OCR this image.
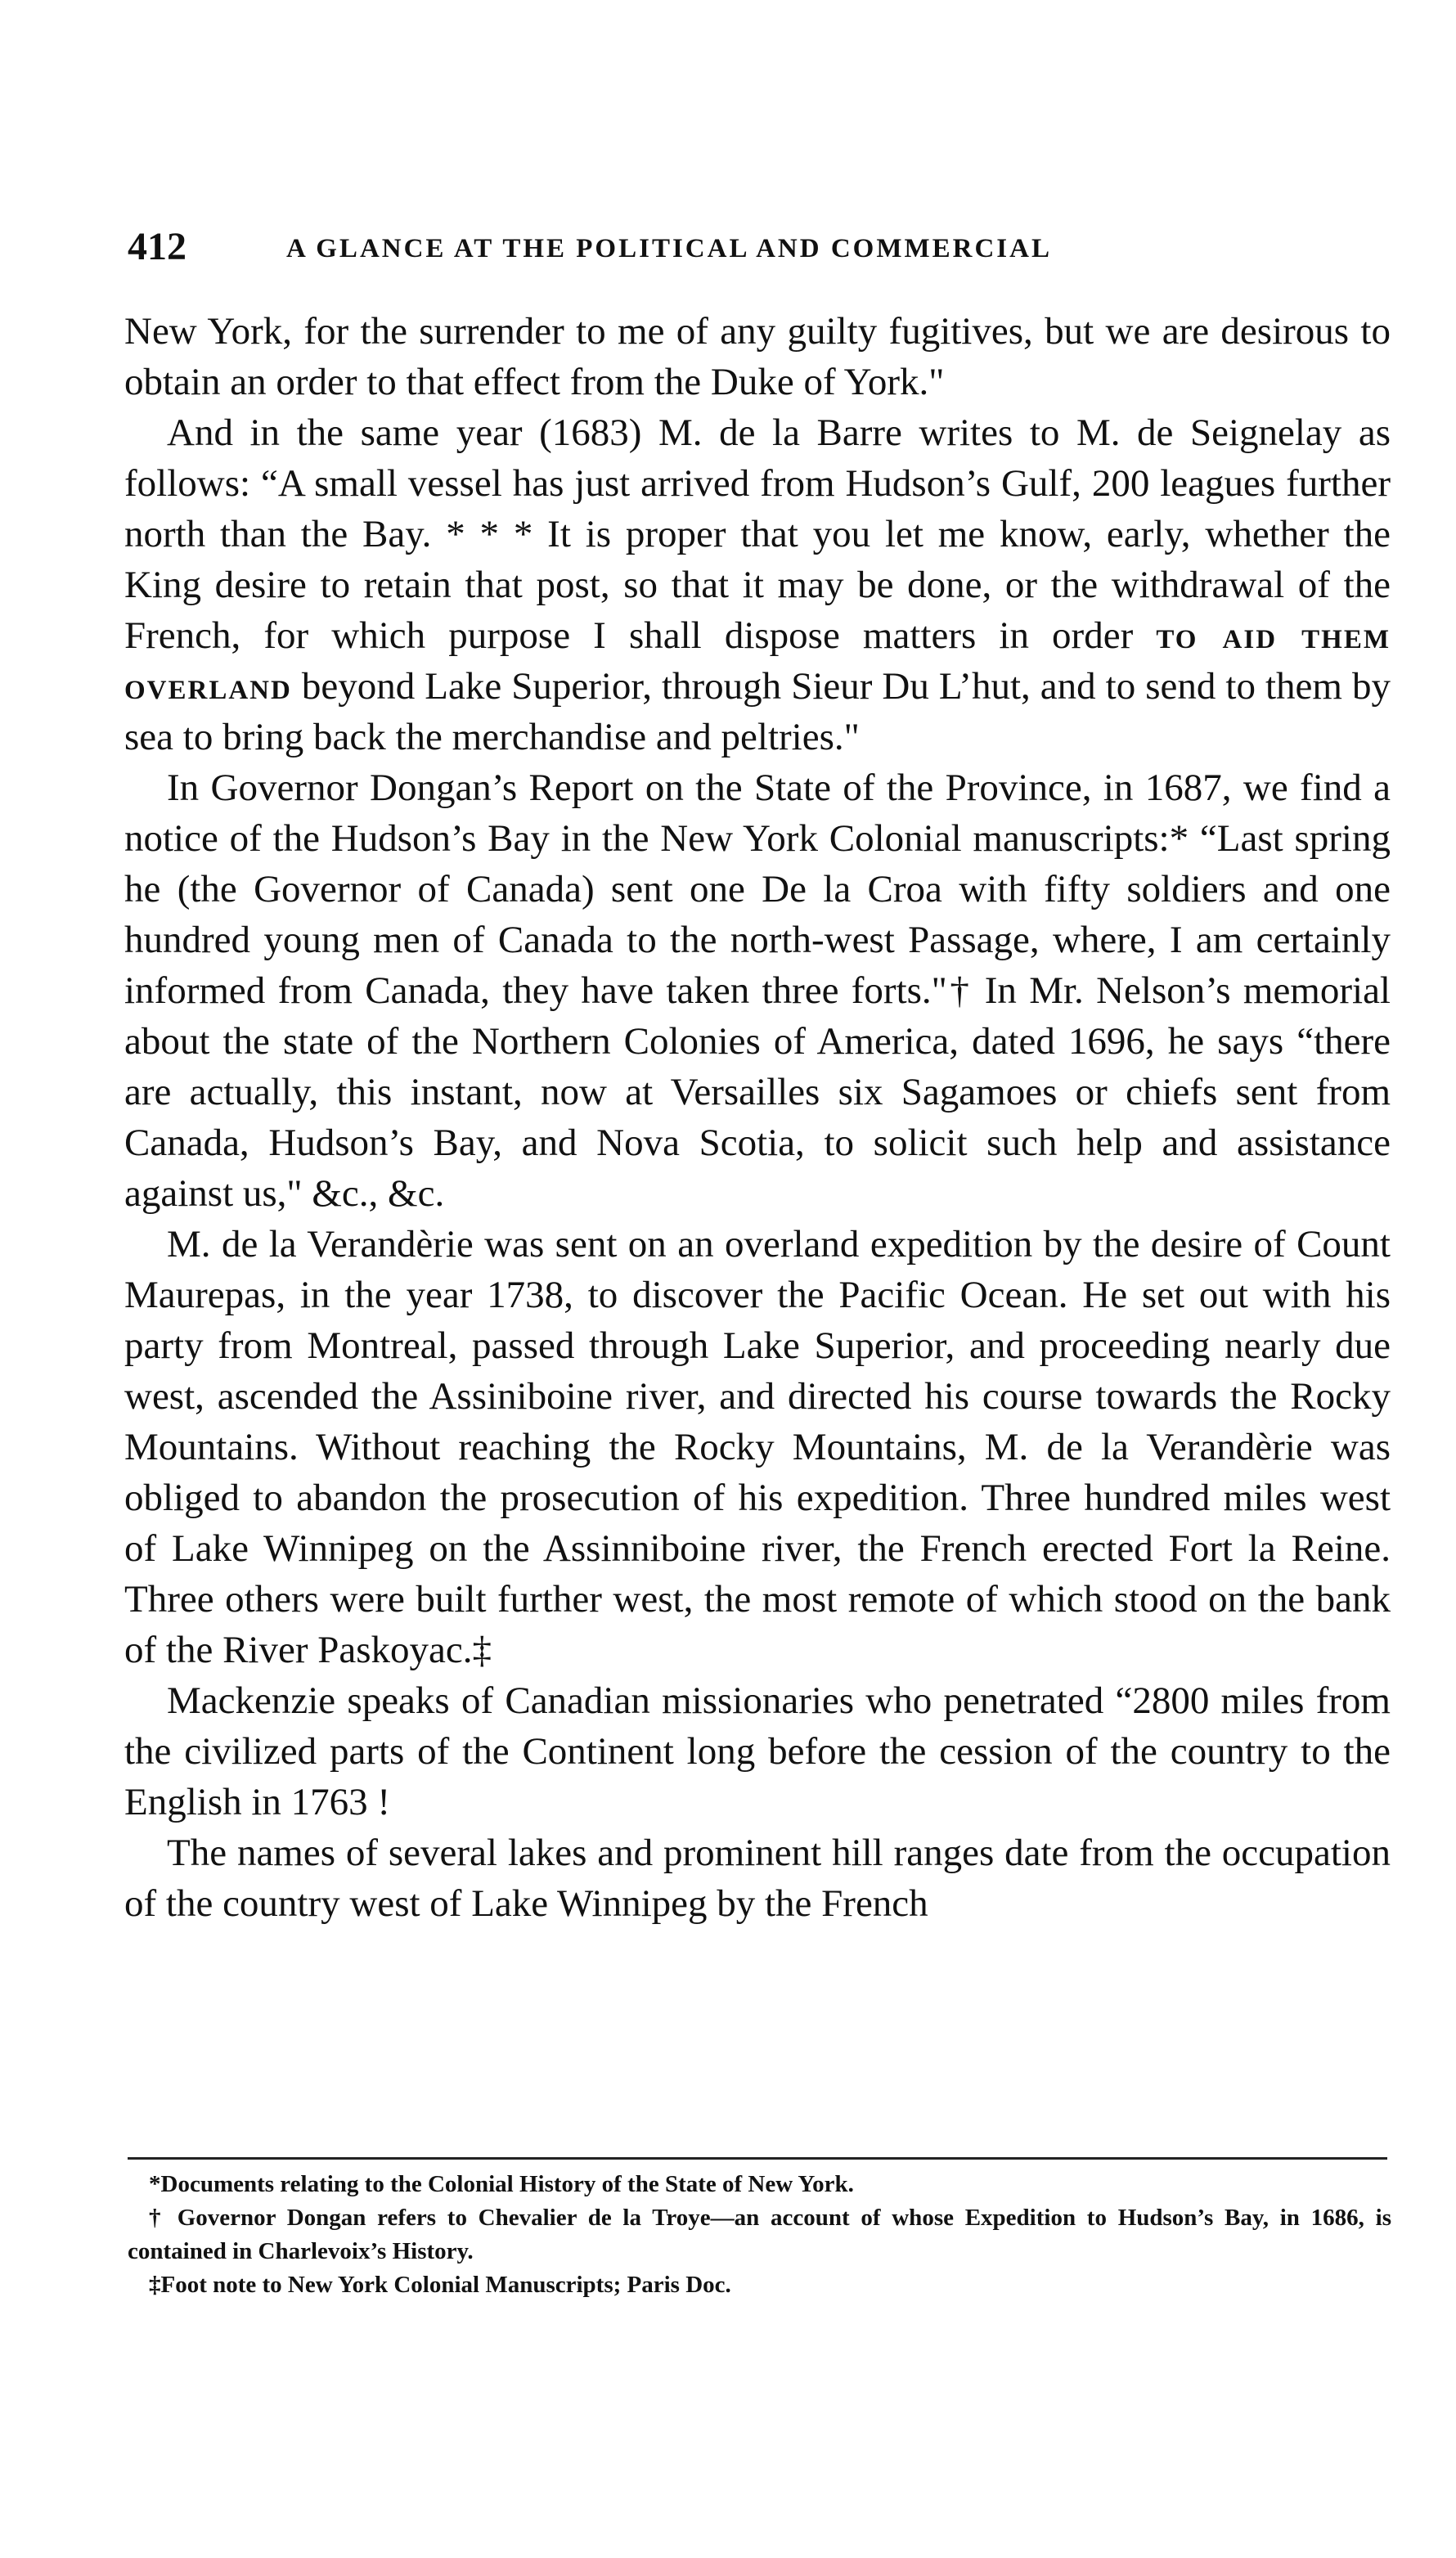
412	A GLANCE AT THE POLITICAL AND COMMERCIAL

New York, for the surrender to me of any guilty fugitives, but we are desirous to obtain an order to that effect from the Duke of York."

And in the same year (1683) M. de la Barre writes to M. de Seignelay as follows: “A small vessel has just arrived from Hudson’s Gulf, 200 leagues further north than the Bay. * * * It is proper that you let me know, early, whether the King desire to retain that post, so that it may be done, or the withdrawal of the French, for which purpose I shall dispose matters in order to aid them overland beyond Lake Superior, through Sieur Du L’hut, and to send to them by sea to bring back the merchandise and peltries."

In Governor Dongan’s Report on the State of the Province, in 1687, we find a notice of the Hudson’s Bay in the New York Colonial manuscripts:* “Last spring he (the Governor of Canada) sent one De la Croa with fifty soldiers and one hundred young men of Canada to the north-west Passage, where, I am certainly informed from Canada, they have taken three forts."† In Mr. Nelson’s memorial about the state of the Northern Colonies of America, dated 1696, he says “there are actually, this instant, now at Versailles six Sagamoes or chiefs sent from Canada, Hudson’s Bay, and Nova Scotia, to solicit such help and assistance against us," &c., &c.

M. de la Verandèrie was sent on an overland expedition by the desire of Count Maurepas, in the year 1738, to discover the Pacific Ocean. He set out with his party from Montreal, passed through Lake Superior, and proceeding nearly due west, ascended the Assiniboine river, and directed his course towards the Rocky Mountains. Without reaching the Rocky Mountains, M. de la Verandèrie was obliged to abandon the prosecution of his expedition. Three hundred miles west of Lake Winnipeg on the Assinniboine river, the French erected Fort la Reine. Three others were built further west, the most remote of which stood on the bank of the River Paskoyac.‡

Mackenzie speaks of Canadian missionaries who penetrated “2800 miles from the civilized parts of the Continent long before the cession of the country to the English in 1763 !

The names of several lakes and prominent hill ranges date from the occupation of the country west of Lake Winnipeg by the French

*Documents relating to the Colonial History of the State of New York.

† Governor Dongan refers to Chevalier de la Troye—an account of whose Expedition to Hudson’s Bay, in 1686, is contained in Charlevoix’s History.

‡Foot note to New York Colonial Manuscripts; Paris Doc.
